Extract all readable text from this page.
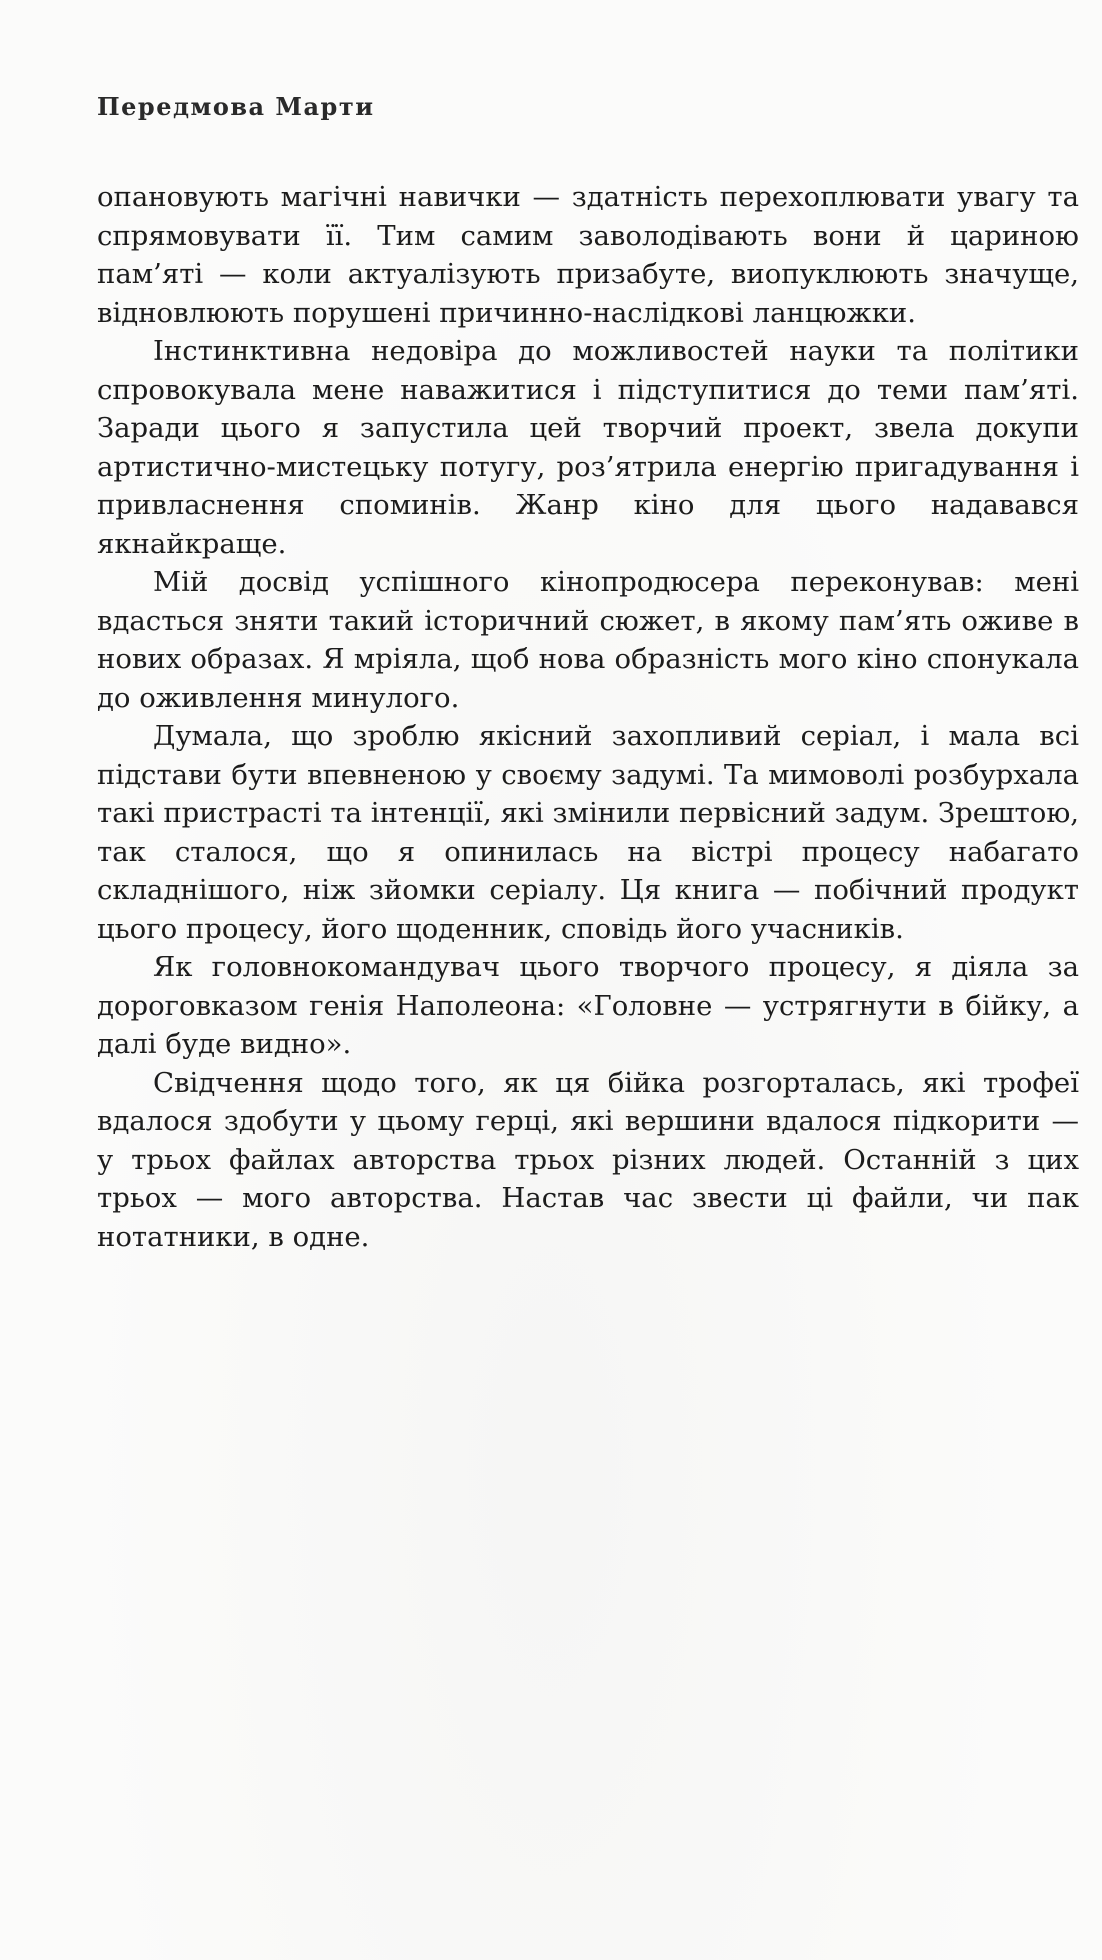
Передмова Марти

опановують магічні навички — здатність перехоплювати увагу та спрямовувати її. Тим самим заволодівають вони й цариною пам’яті — коли актуалізують призабуте, виопуклюють значуще, відновлюють порушені причинно-наслідкові ланцюжки.

Інстинктивна недовіра до можливостей науки та політики спровокувала мене наважитися і підступитися до теми пам’яті. Заради цього я запустила цей творчий проект, звела докупи артистично-мистецьку потугу, роз’ятрила енергію пригадування і привласнення споминів. Жанр кіно для цього надавався якнайкраще.

Мій досвід успішного кінопродюсера переконував: мені вдасться зняти такий історичний сюжет, в якому пам’ять оживе в нових образах. Я мріяла, щоб нова образність мого кіно спонукала до оживлення минулого.

Думала, що зроблю якісний захопливий серіал, і мала всі підстави бути впевненою у своєму задумі. Та мимоволі розбурхала такі пристрасті та інтенції, які змінили первісний задум. Зрештою, так сталося, що я опинилась на вістрі процесу набагато складнішого, ніж зйомки серіалу. Ця книга — побічний продукт цього процесу, його щоденник, сповідь його учасників.

Як головнокомандувач цього творчого процесу, я діяла за дороговказом генія Наполеона: «Головне — устрягнути в бійку, а далі буде видно».

Свідчення щодо того, як ця бійка розгорталась, які трофеї вдалося здобути у цьому герці, які вершини вдалося підкорити — у трьох файлах авторства трьох різних людей. Останній з цих трьох — мого авторства. Настав час звести ці файли, чи пак нотатники, в одне.
